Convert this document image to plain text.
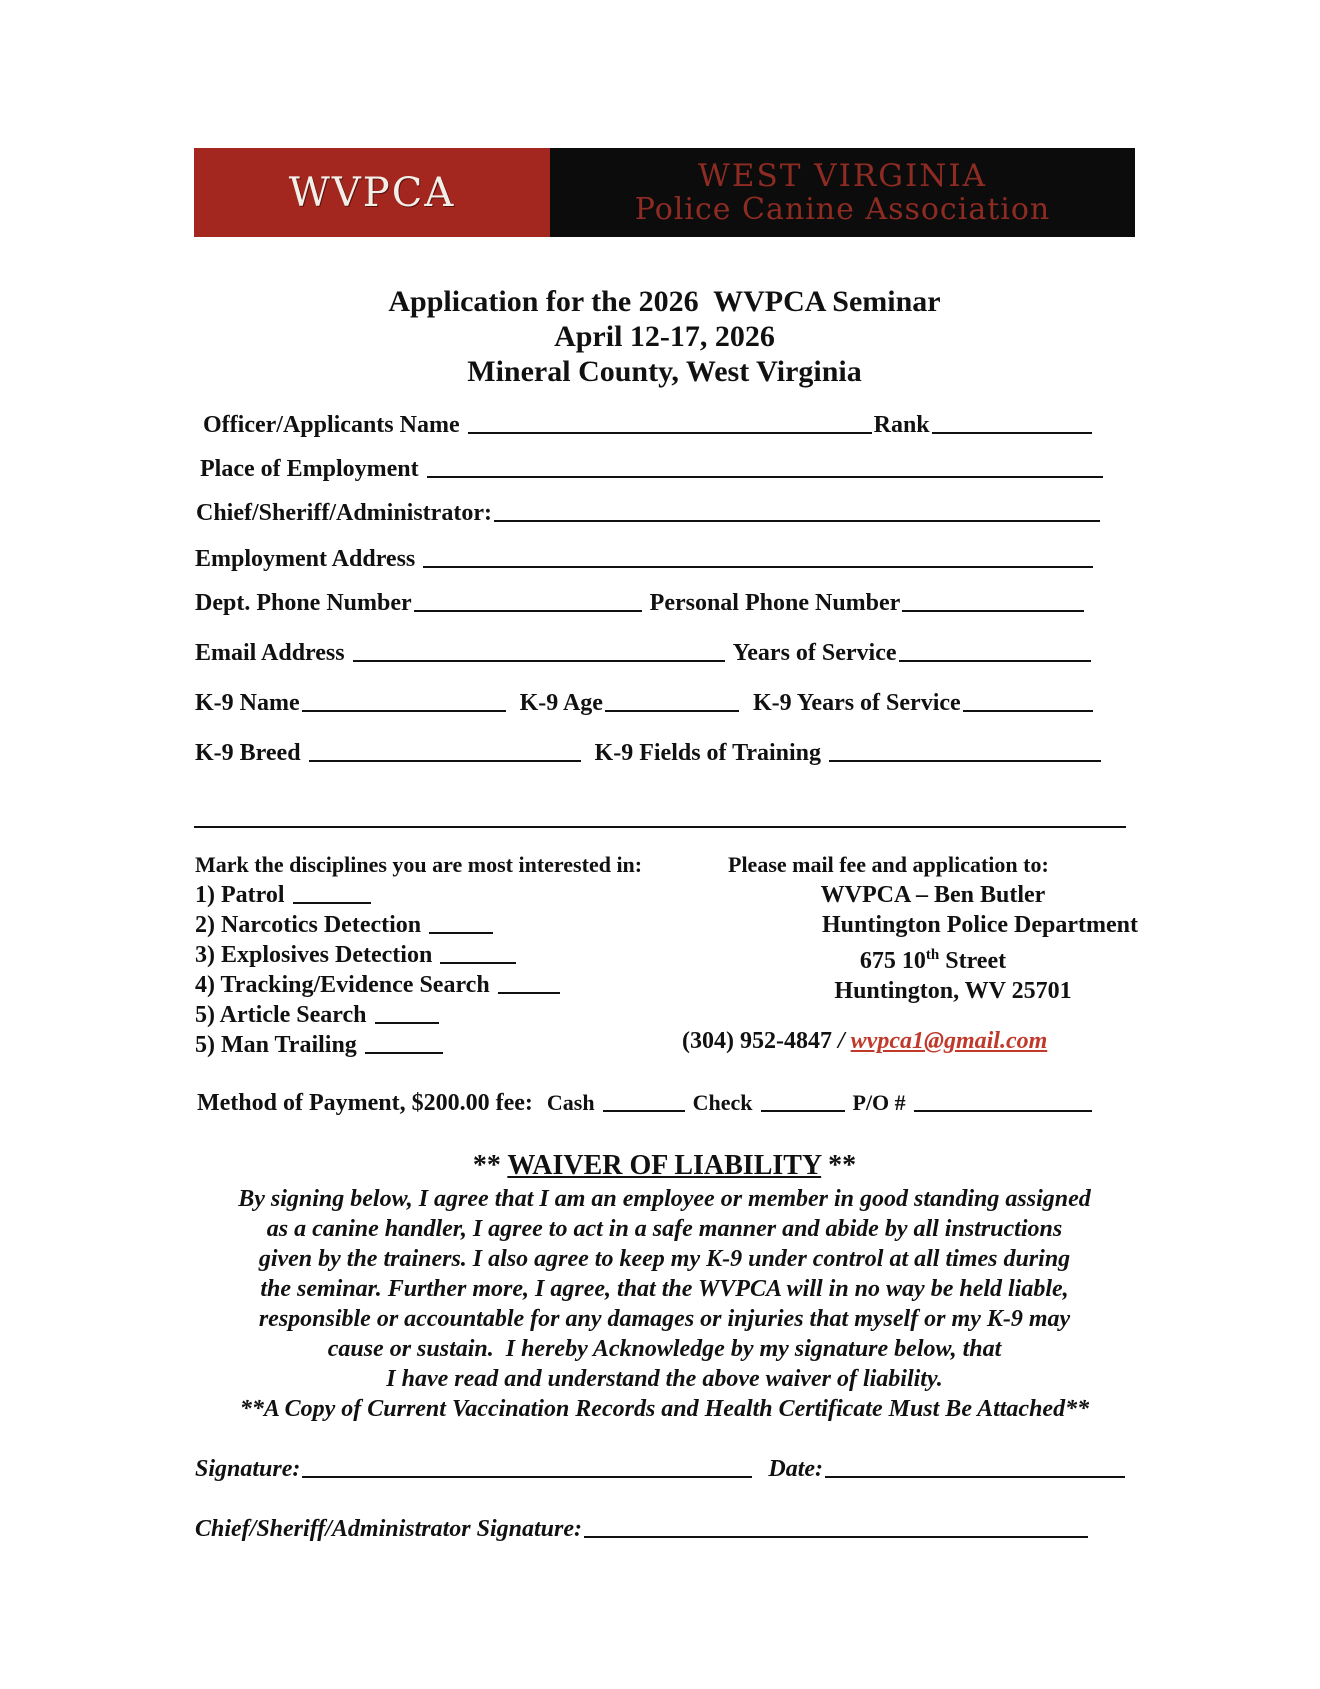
WVPCA	WEST VIRGINIA
Police Canine Association
Application for the 2026  WVPCA Seminar
April 12-17, 2026
Mineral County, West Virginia
Officer/Applicants Name	Rank
Place of Employment
Chief/Sheriff/Administrator:
Employment Address
Dept. Phone Number	Personal Phone Number
Email Address	Years of Service
K-9 Name	K-9 Age	K-9 Years of Service
K-9 Breed	K-9 Fields of Training
Mark the disciplines you are most interested in:
1) Patrol
2) Narcotics Detection
3) Explosives Detection
4) Tracking/Evidence Search
5) Article Search
5) Man Trailing
Please mail fee and application to:
WVPCA – Ben Butler
Huntington Police Department
675 10th Street
Huntington, WV 25701
(304) 952-4847 / wvpca1@gmail.com
Method of Payment, $200.00 fee: Cash	Check	P/O #
** WAIVER OF LIABILITY **
By signing below, I agree that I am an employee or member in good standing assigned
as a canine handler, I agree to act in a safe manner and abide by all instructions
given by the trainers. I also agree to keep my K-9 under control at all times during
the seminar. Further more, I agree, that the WVPCA will in no way be held liable,
responsible or accountable for any damages or injuries that myself or my K-9 may
cause or sustain.  I hereby Acknowledge by my signature below, that
I have read and understand the above waiver of liability.
**A Copy of Current Vaccination Records and Health Certificate Must Be Attached**
Signature:	Date:
Chief/Sheriff/Administrator Signature:
